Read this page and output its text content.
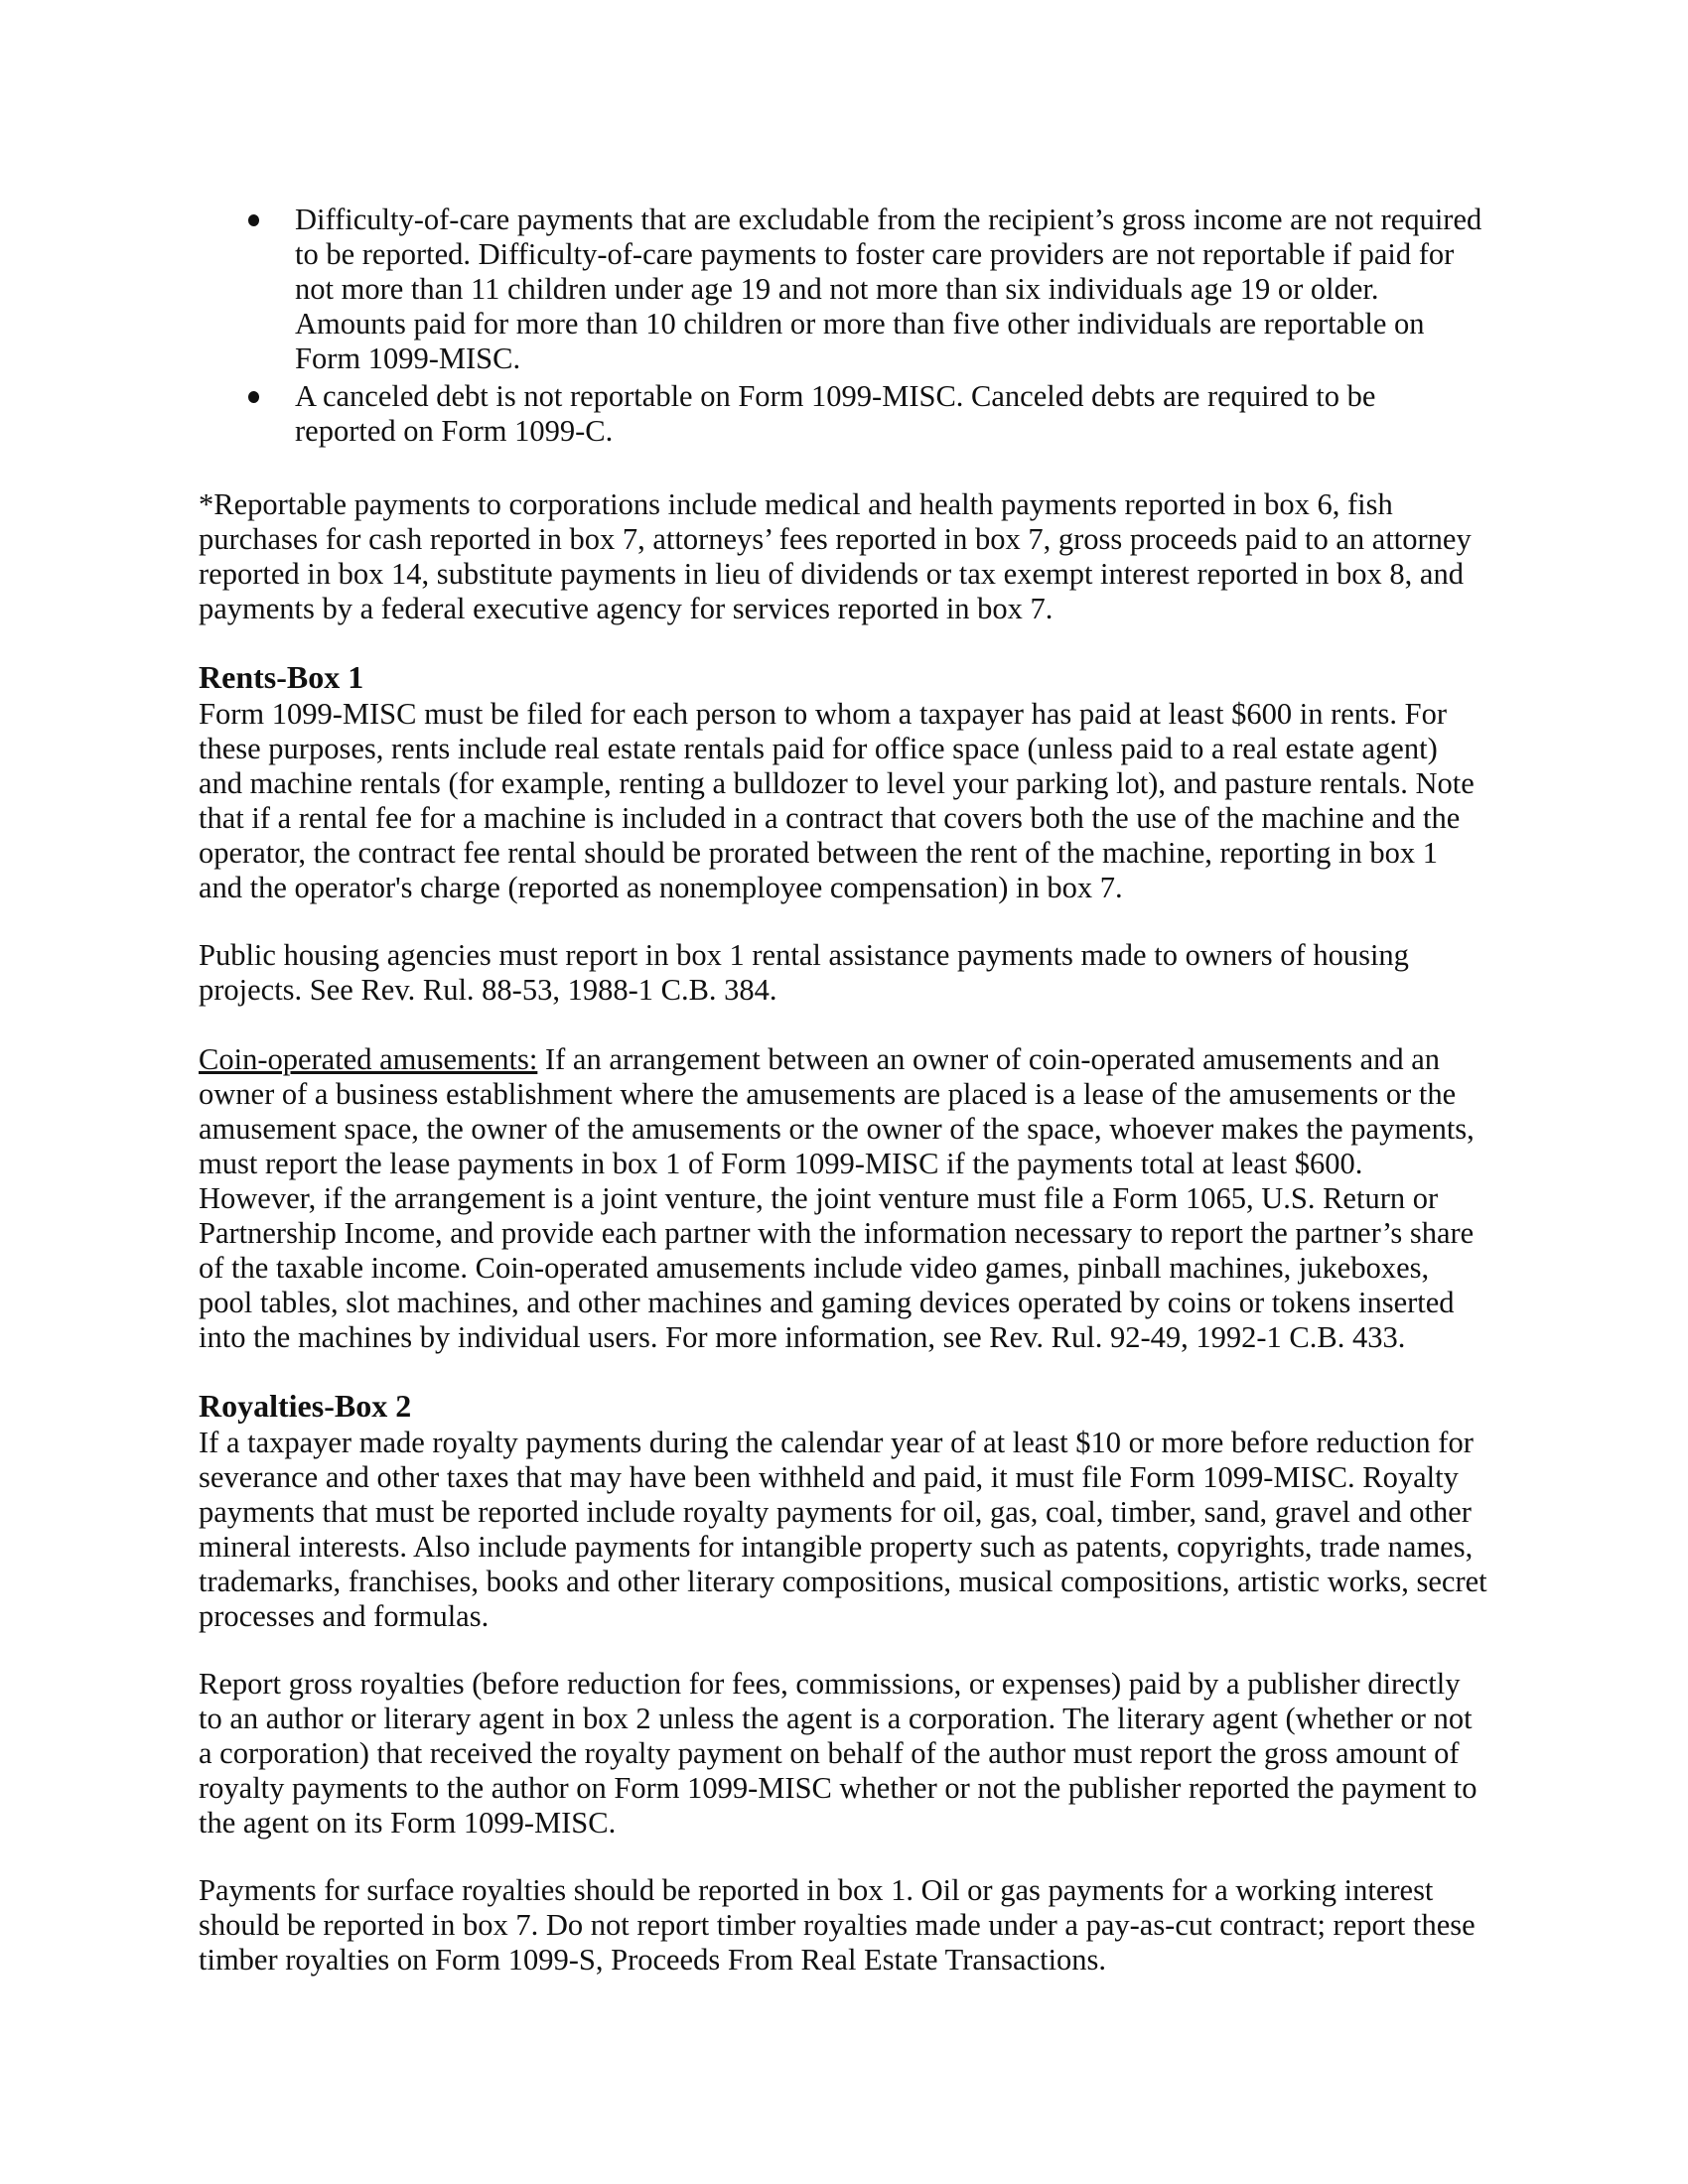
Difficulty-of-care payments that are excludable from the recipient’s gross income are not required
to be reported. Difficulty-of-care payments to foster care providers are not reportable if paid for
not more than 11 children under age 19 and not more than six individuals age 19 or older.
Amounts paid for more than 10 children or more than five other individuals are reportable on
Form 1099-MISC.
A canceled debt is not reportable on Form 1099-MISC. Canceled debts are required to be
reported on Form 1099-C.
*Reportable payments to corporations include medical and health payments reported in box 6, fish
purchases for cash reported in box 7, attorneys’ fees reported in box 7, gross proceeds paid to an attorney
reported in box 14, substitute payments in lieu of dividends or tax exempt interest reported in box 8, and
payments by a federal executive agency for services reported in box 7.
Rents-Box 1
Form 1099-MISC must be filed for each person to whom a taxpayer has paid at least $600 in rents. For
these purposes, rents include real estate rentals paid for office space (unless paid to a real estate agent)
and machine rentals (for example, renting a bulldozer to level your parking lot), and pasture rentals. Note
that if a rental fee for a machine is included in a contract that covers both the use of the machine and the
operator, the contract fee rental should be prorated between the rent of the machine, reporting in box 1
and the operator's charge (reported as nonemployee compensation) in box 7.
Public housing agencies must report in box 1 rental assistance payments made to owners of housing
projects. See Rev. Rul. 88-53, 1988-1 C.B. 384.
Coin-operated amusements: If an arrangement between an owner of coin-operated amusements and an
owner of a business establishment where the amusements are placed is a lease of the amusements or the
amusement space, the owner of the amusements or the owner of the space, whoever makes the payments,
must report the lease payments in box 1 of Form 1099-MISC if the payments total at least $600.
However, if the arrangement is a joint venture, the joint venture must file a Form 1065, U.S. Return or
Partnership Income, and provide each partner with the information necessary to report the partner’s share
of the taxable income. Coin-operated amusements include video games, pinball machines, jukeboxes,
pool tables, slot machines, and other machines and gaming devices operated by coins or tokens inserted
into the machines by individual users. For more information, see Rev. Rul. 92-49, 1992-1 C.B. 433.
Royalties-Box 2
If a taxpayer made royalty payments during the calendar year of at least $10 or more before reduction for
severance and other taxes that may have been withheld and paid, it must file Form 1099-MISC. Royalty
payments that must be reported include royalty payments for oil, gas, coal, timber, sand, gravel and other
mineral interests. Also include payments for intangible property such as patents, copyrights, trade names,
trademarks, franchises, books and other literary compositions, musical compositions, artistic works, secret
processes and formulas.
Report gross royalties (before reduction for fees, commissions, or expenses) paid by a publisher directly
to an author or literary agent in box 2 unless the agent is a corporation. The literary agent (whether or not
a corporation) that received the royalty payment on behalf of the author must report the gross amount of
royalty payments to the author on Form 1099-MISC whether or not the publisher reported the payment to
the agent on its Form 1099-MISC.
Payments for surface royalties should be reported in box 1. Oil or gas payments for a working interest
should be reported in box 7. Do not report timber royalties made under a pay-as-cut contract; report these
timber royalties on Form 1099-S, Proceeds From Real Estate Transactions.
